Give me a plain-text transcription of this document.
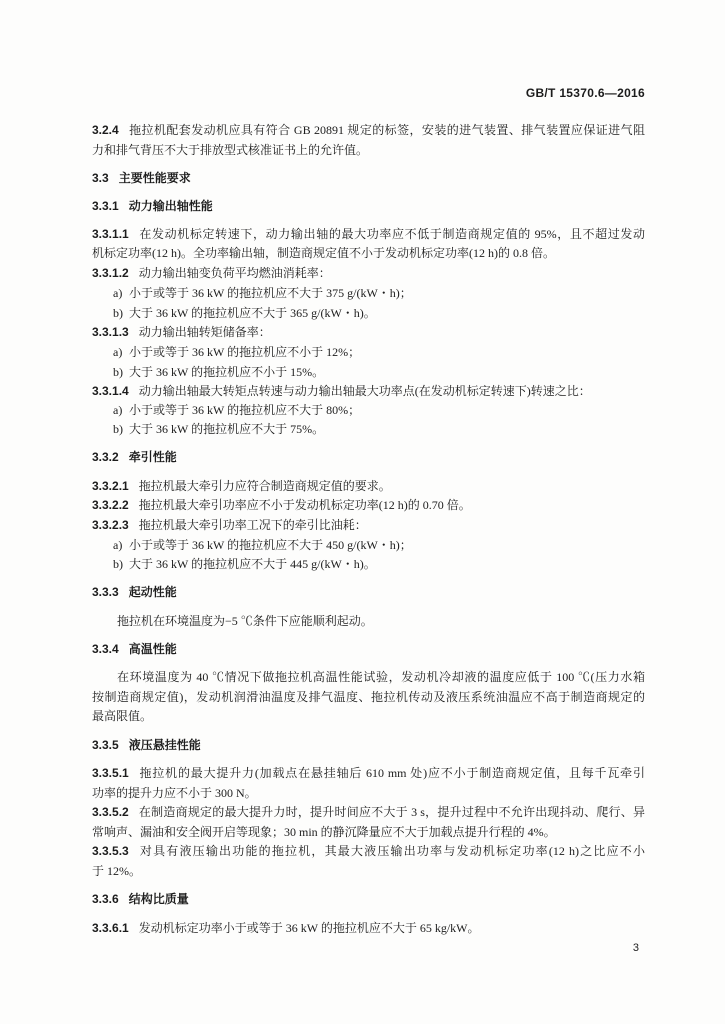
GB/T 15370.6—2016
3.2.4 拖拉机配套发动机应具有符合 GB 20891 规定的标签，安装的进气装置、排气装置应保证进气阻
力和排气背压不大于排放型式核准证书上的允许值。
3.3 主要性能要求
3.3.1 动力输出轴性能
3.3.1.1 在发动机标定转速下，动力输出轴的最大功率应不低于制造商规定值的 95%，且不超过发动
机标定功率(12 h)。全功率输出轴，制造商规定值不小于发动机标定功率(12 h)的 0.8 倍。
3.3.1.2 动力输出轴变负荷平均燃油消耗率：
a) 小于或等于 36 kW 的拖拉机应不大于 375 g/(kW・h)；
b) 大于 36 kW 的拖拉机应不大于 365 g/(kW・h)。
3.3.1.3 动力输出轴转矩储备率：
a) 小于或等于 36 kW 的拖拉机应不小于 12%；
b) 大于 36 kW 的拖拉机应不小于 15%。
3.3.1.4 动力输出轴最大转矩点转速与动力输出轴最大功率点(在发动机标定转速下)转速之比：
a) 小于或等于 36 kW 的拖拉机应不大于 80%；
b) 大于 36 kW 的拖拉机应不大于 75%。
3.3.2 牵引性能
3.3.2.1 拖拉机最大牵引力应符合制造商规定值的要求。
3.3.2.2 拖拉机最大牵引功率应不小于发动机标定功率(12 h)的 0.70 倍。
3.3.2.3 拖拉机最大牵引功率工况下的牵引比油耗：
a) 小于或等于 36 kW 的拖拉机应不大于 450 g/(kW・h)；
b) 大于 36 kW 的拖拉机应不大于 445 g/(kW・h)。
3.3.3 起动性能
拖拉机在环境温度为−5 ℃条件下应能顺利起动。
3.3.4 高温性能
在环境温度为 40 ℃情况下做拖拉机高温性能试验，发动机冷却液的温度应低于 100 ℃(压力水箱
按制造商规定值)，发动机润滑油温度及排气温度、拖拉机传动及液压系统油温应不高于制造商规定的
最高限值。
3.3.5 液压悬挂性能
3.3.5.1 拖拉机的最大提升力(加载点在悬挂轴后 610 mm 处)应不小于制造商规定值，且每千瓦牵引
功率的提升力应不小于 300 N。
3.3.5.2 在制造商规定的最大提升力时，提升时间应不大于 3 s，提升过程中不允许出现抖动、爬行、异
常响声、漏油和安全阀开启等现象；30 min 的静沉降量应不大于加载点提升行程的 4%。
3.3.5.3 对具有液压输出功能的拖拉机，其最大液压输出功率与发动机标定功率(12 h)之比应不小
于 12%。
3.3.6 结构比质量
3.3.6.1 发动机标定功率小于或等于 36 kW 的拖拉机应不大于 65 kg/kW。
3
